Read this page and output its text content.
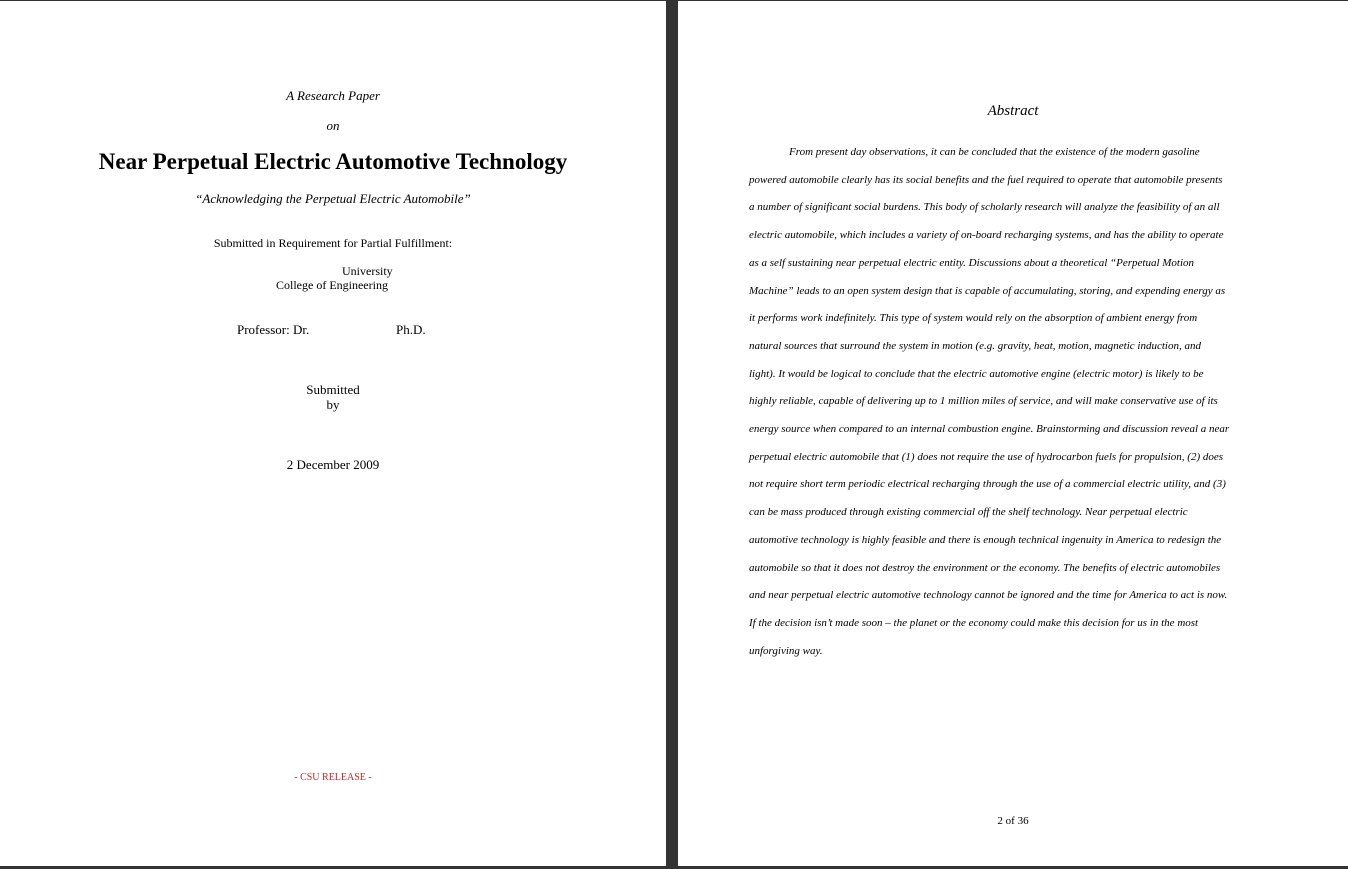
A Research Paper
on
Near Perpetual Electric Automotive Technology
“Acknowledging the Perpetual Electric Automobile”
Submitted in Requirement for Partial Fulfillment:
University
College of Engineering
Professor: Dr.	Ph.D.
Submitted
by
2 December 2009
- CSU RELEASE -
Abstract
From present day observations, it can be concluded that the existence of the modern gasoline
powered automobile clearly has its social benefits and the fuel required to operate that automobile presents
a number of significant social burdens. This body of scholarly research will analyze the feasibility of an all
electric automobile, which includes a variety of on-board recharging systems, and has the ability to operate
as a self sustaining near perpetual electric entity. Discussions about a theoretical “Perpetual Motion
Machine” leads to an open system design that is capable of accumulating, storing, and expending energy as
it performs work indefinitely. This type of system would rely on the absorption of ambient energy from
natural sources that surround the system in motion (e.g. gravity, heat, motion, magnetic induction, and
light). It would be logical to conclude that the electric automotive engine (electric motor) is likely to be
highly reliable, capable of delivering up to 1 million miles of service, and will make conservative use of its
energy source when compared to an internal combustion engine. Brainstorming and discussion reveal a near
perpetual electric automobile that (1) does not require the use of hydrocarbon fuels for propulsion, (2) does
not require short term periodic electrical recharging through the use of a commercial electric utility, and (3)
can be mass produced through existing commercial off the shelf technology. Near perpetual electric
automotive technology is highly feasible and there is enough technical ingenuity in America to redesign the
automobile so that it does not destroy the environment or the economy. The benefits of electric automobiles
and near perpetual electric automotive technology cannot be ignored and the time for America to act is now.
If the decision isn’t made soon – the planet or the economy could make this decision for us in the most
unforgiving way.
2 of 36
